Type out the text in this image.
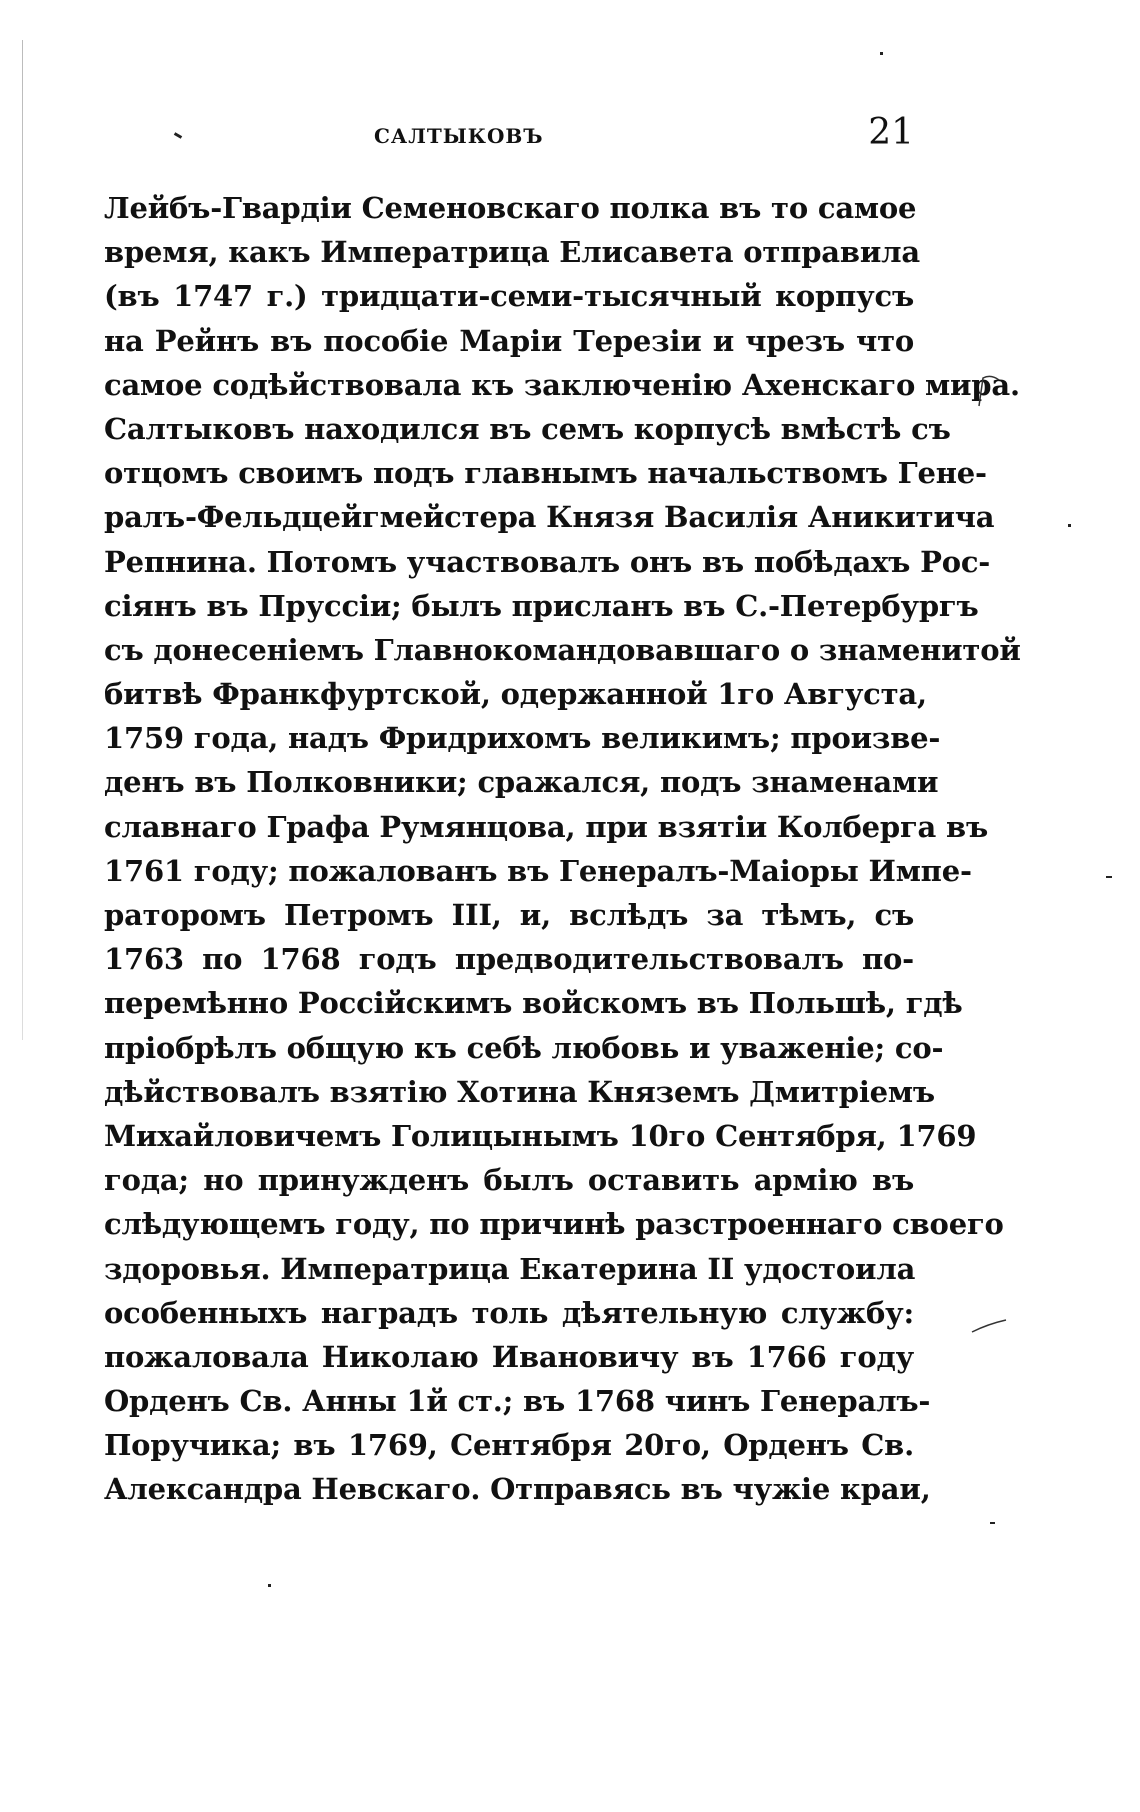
САЛТЫКОВЪ	21
Лейбъ-Гвардіи Семеновскаго полка въ то самое
время, какъ Императрица Елисавета отправила
(въ 1747 г.) тридцати-семи-тысячный корпусъ
на Рейнъ въ пособіе Маріи Терезіи и чрезъ что
самое содѣйствовала къ заключенію Ахенскаго мира.
Салтыковъ находился въ семъ корпусѣ вмѣстѣ съ
отцомъ своимъ подъ главнымъ начальствомъ Гене-
ралъ-Фельдцейгмейстера Князя Василія Аникитича
Репнина. Потомъ участвовалъ онъ въ побѣдахъ Рос-
сіянъ въ Пруссіи; былъ присланъ въ С.-Петербургъ
съ донесеніемъ Главнокомандовавшаго о знаменитой
битвѣ Франкфуртской, одержанной 1го Августа,
1759 года, надъ Фридрихомъ великимъ; произве-
денъ въ Полковники; сражался, подъ знаменами
славнаго Графа Румянцова, при взятіи Колберга въ
1761 году; пожалованъ въ Генералъ-Маіоры Импе-
раторомъ Петромъ III, и, вслѣдъ за тѣмъ, съ
1763 по 1768 годъ предводительствовалъ по-
перемѣнно Россійскимъ войскомъ въ Польшѣ, гдѣ
пріобрѣлъ общую къ себѣ любовь и уваженіе; со-
дѣйствовалъ взятію Хотина Княземъ Дмитріемъ
Михайловичемъ Голицынымъ 10го Сентября, 1769
года; но принужденъ былъ оставить армію въ
слѣдующемъ году, по причинѣ разстроеннаго своего
здоровья. Императрица Екатерина II удостоила
особенныхъ наградъ толь дѣятельную службу:
пожаловала Николаю Ивановичу въ 1766 году
Орденъ Св. Анны 1й ст.; въ 1768 чинъ Генералъ-
Поручика; въ 1769, Сентября 20го, Орденъ Св.
Александра Невскаго. Отправясь въ чужіе краи,
